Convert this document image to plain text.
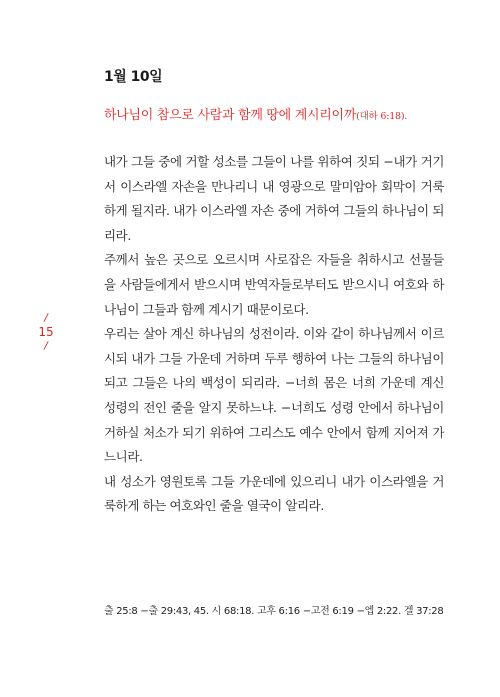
1월 10일
하나님이 참으로 사람과 함께 땅에 계시리이까(대하 6:18).

내가 그들 중에 거할 성소를 그들이 나를 위하여 짓되 −내가 거기서 이스라엘 자손을 만나리니 내 영광으로 말미암아 회막이 거룩하게 될지라. 내가 이스라엘 자손 중에 거하여 그들의 하나님이 되리라.

주께서 높은 곳으로 오르시며 사로잡은 자들을 취하시고 선물들을 사람들에게서 받으시며 반역자들로부터도 받으시니 여호와 하나님이 그들과 함께 계시기 때문이로다.

우리는 살아 계신 하나님의 성전이라. 이와 같이 하나님께서 이르시되 내가 그들 가운데 거하며 두루 행하여 나는 그들의 하나님이 되고 그들은 나의 백성이 되리라. −너희 몸은 너희 가운데 계신 성령의 전인 줄을 알지 못하느냐. −너희도 성령 안에서 하나님이 거하실 처소가 되기 위하여 그리스도 예수 안에서 함께 지어져 가느니라.

내 성소가 영원토록 그들 가운데에 있으리니 내가 이스라엘을 거룩하게 하는 여호와인 줄을 열국이 알리라.

/
15
/
출 25:8 −출 29:43, 45. 시 68:18. 고후 6:16 −고전 6:19 −엡 2:22. 겔 37:28
